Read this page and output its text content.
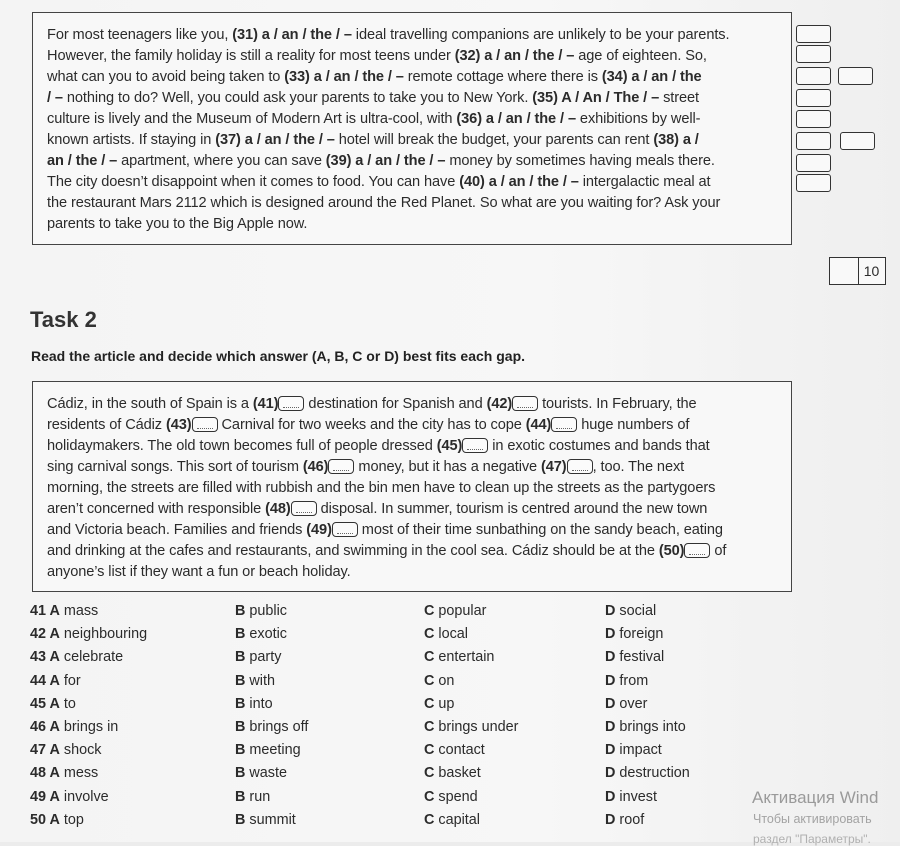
For most teenagers like you, (31) a / an / the / – ideal travelling companions are unlikely to be your parents.
However, the family holiday is still a reality for most teens under (32) a / an / the / – age of eighteen. So,
what can you to avoid being taken to (33) a / an / the / – remote cottage where there is (34) a / an / the
/ – nothing to do? Well, you could ask your parents to take you to New York. (35) A / An / The / – street
culture is lively and the Museum of Modern Art is ultra-cool, with (36) a / an / the / – exhibitions by well-
known artists. If staying in (37) a / an / the / – hotel will break the budget, your parents can rent (38) a /
an / the / – apartment, where you can save (39) a / an / the / – money by sometimes having meals there.
The city doesn’t disappoint when it comes to food. You can have (40) a / an / the / – intergalactic meal at
the restaurant Mars 2112 which is designed around the Red Planet. So what are you waiting for? Ask your
parents to take you to the Big Apple now.
10
Task 2
Read the article and decide which answer (A, B, C or D) best fits each gap.
Cádiz, in the south of Spain is a (41)
destination for Spanish and (42)
tourists. In February, the
residents of Cádiz (43)
Carnival for two weeks and the city has to cope (44)
huge numbers of
holidaymakers. The old town becomes full of people dressed (45)
in exotic costumes and bands that
sing carnival songs. This sort of tourism (46)
money, but it has a negative (47) , too. The next
morning, the streets are filled with rubbish and the bin men have to clean up the streets as the partygoers
aren’t concerned with responsible (48)
disposal. In summer, tourism is centred around the new town
and Victoria beach. Families and friends (49)
most of their time sunbathing on the sandy beach, eating
and drinking at the cafes and restaurants, and swimming in the cool sea. Cádiz should be at the (50)
of
anyone’s list if they want a fun or beach holiday.
41 A mass	B public	C popular	D social
42 A neighbouring	B exotic	C local	D foreign
43 A celebrate	B party	C entertain	D festival
44 A for	B with	C on	D from
45 A to	B into	C up	D over
46 A brings in	B brings off	C brings under	D brings into
47 A shock	B meeting	C contact	D impact
48 A mess	B waste	C basket	D destruction
49 A involve	B run	C spend	D invest
50 A top	B summit	C capital	D roof
Активация Wind
Чтобы активировать
раздел "Параметры".
